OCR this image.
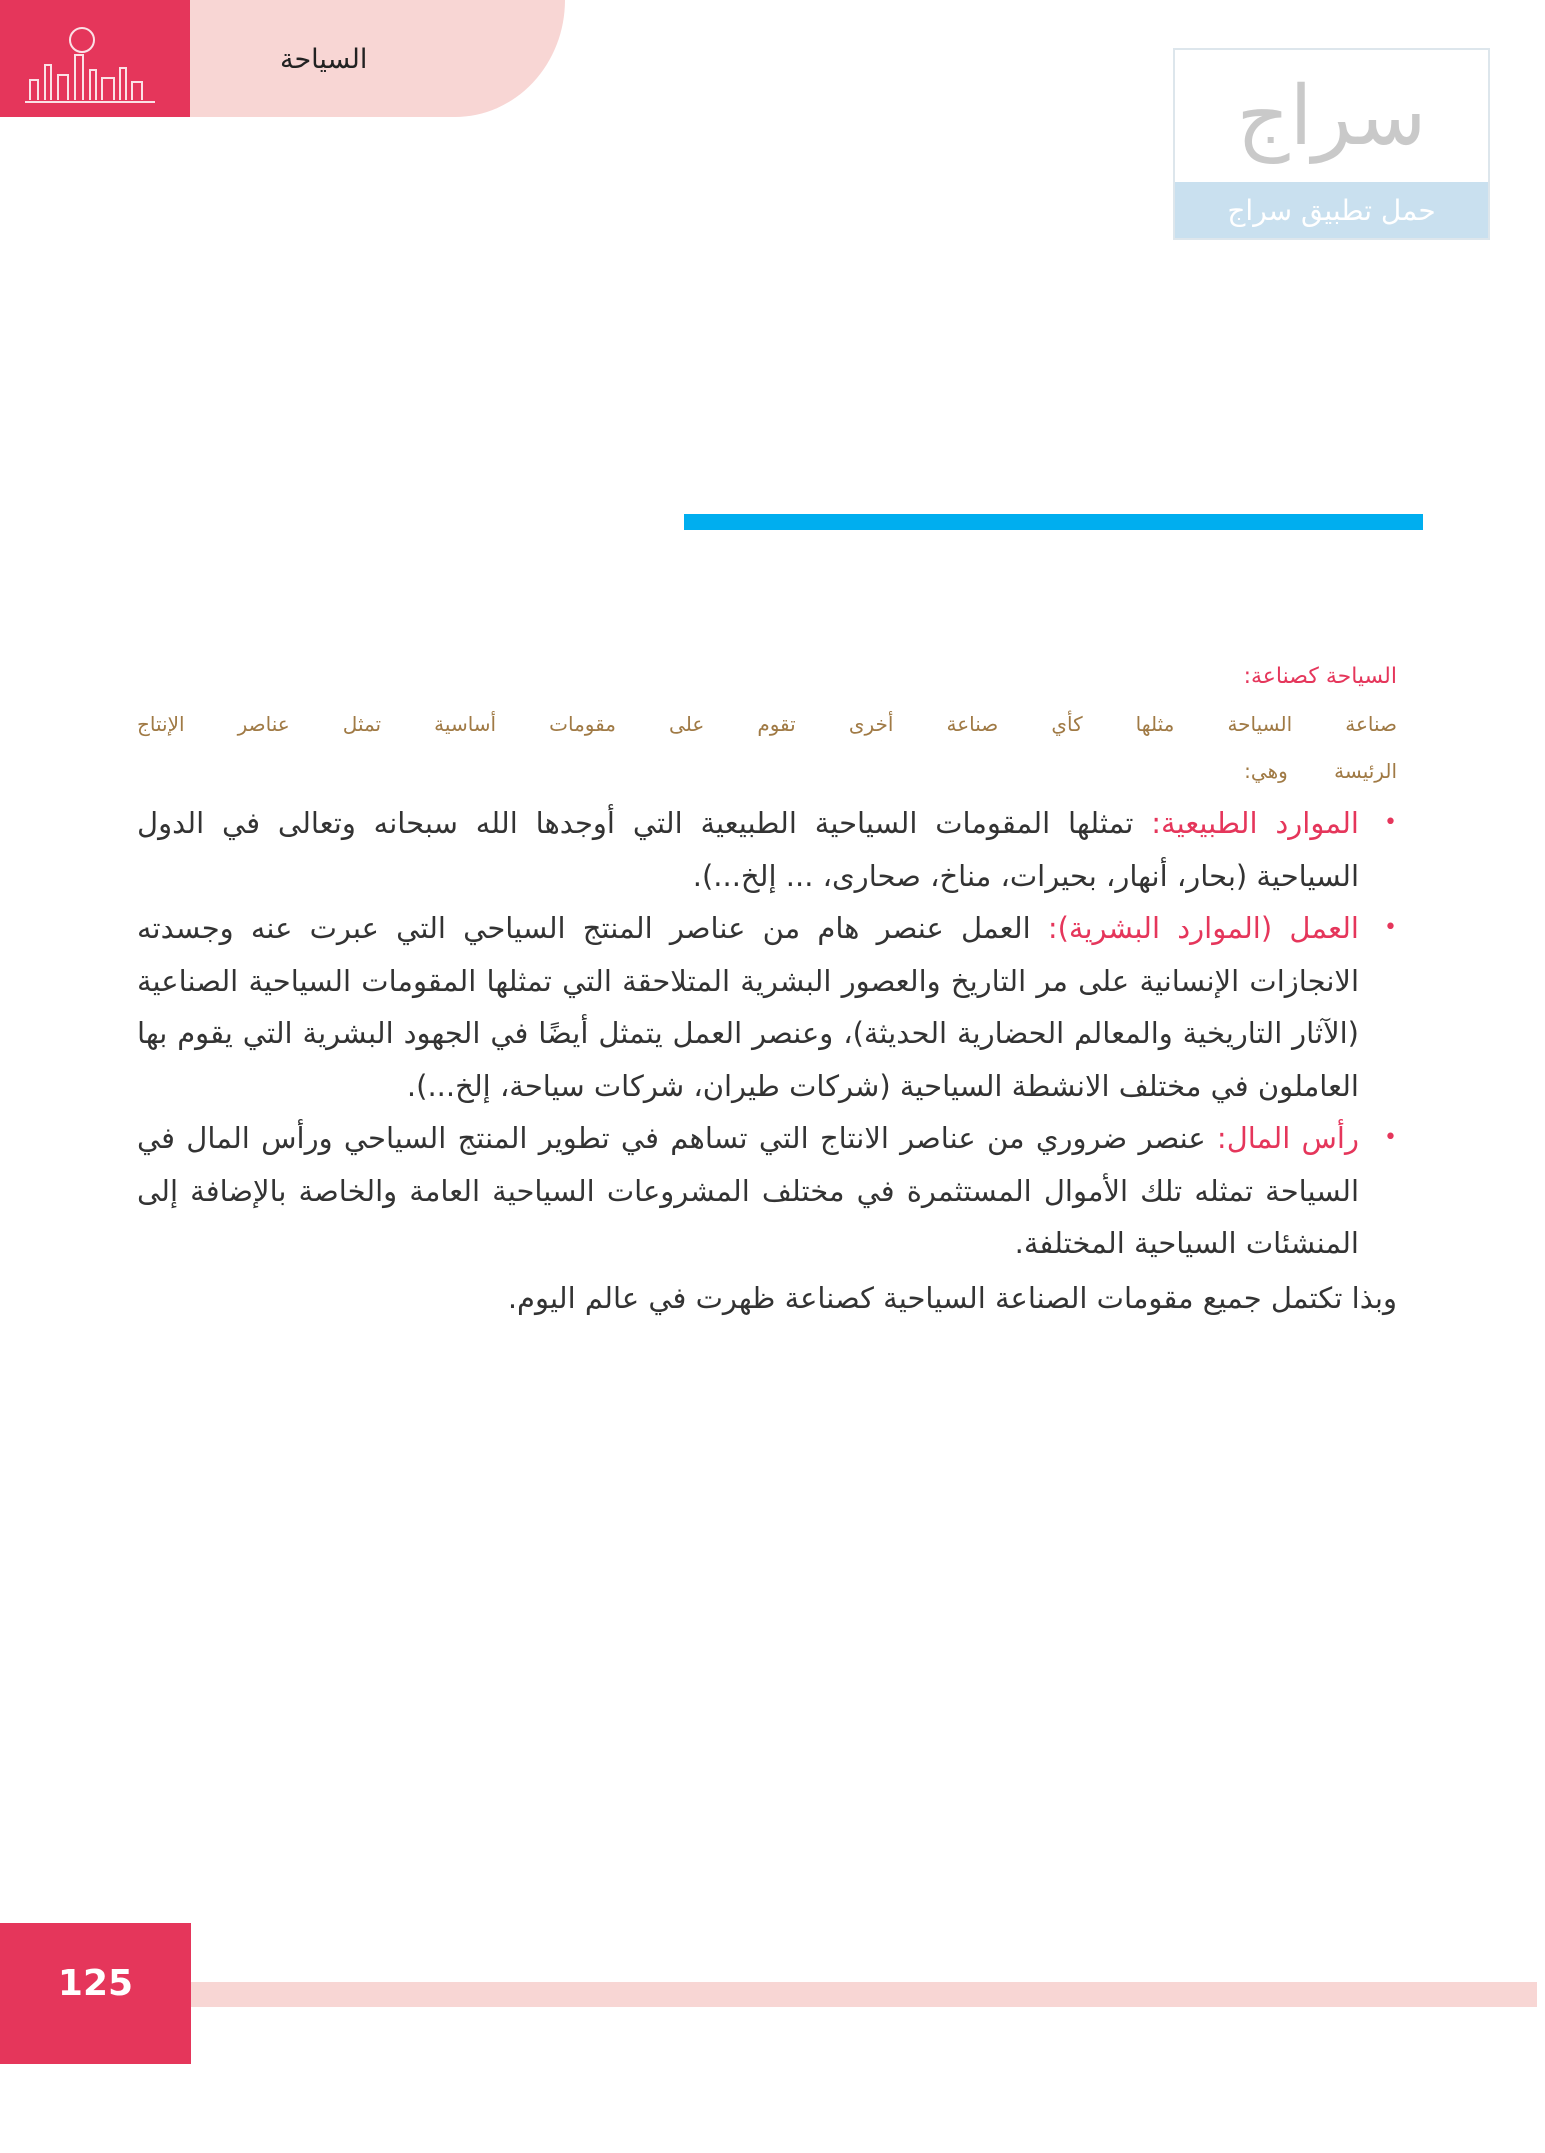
السياحة
سراج
حمل تطبيق سراج
السياحة كصناعة:
صناعة السياحة مثلها كأي صناعة أخرى تقوم على مقومات أساسية تمثل عناصر الإنتاج
الرئيسة وهي:
• الموارد الطبيعية: تمثلها المقومات السياحية الطبيعية التي أوجدها الله سبحانه وتعالى في الدول السياحية (بحار، أنهار، بحيرات، مناخ، صحارى، ... إلخ...).
• العمل (الموارد البشرية): العمل عنصر هام من عناصر المنتج السياحي التي عبرت عنه وجسدته الانجازات الإنسانية على مر التاريخ والعصور البشرية المتلاحقة التي تمثلها المقومات السياحية الصناعية (الآثار التاريخية والمعالم الحضارية الحديثة)، وعنصر العمل يتمثل أيضًا في الجهود البشرية التي يقوم بها العاملون في مختلف الانشطة السياحية (شركات طيران، شركات سياحة، إلخ...).
• رأس المال: عنصر ضروري من عناصر الانتاج التي تساهم في تطوير المنتج السياحي ورأس المال في السياحة تمثله تلك الأموال المستثمرة في مختلف المشروعات السياحية العامة والخاصة بالإضافة إلى المنشئات السياحية المختلفة.
وبذا تكتمل جميع مقومات الصناعة السياحية كصناعة ظهرت في عالم اليوم.
125
